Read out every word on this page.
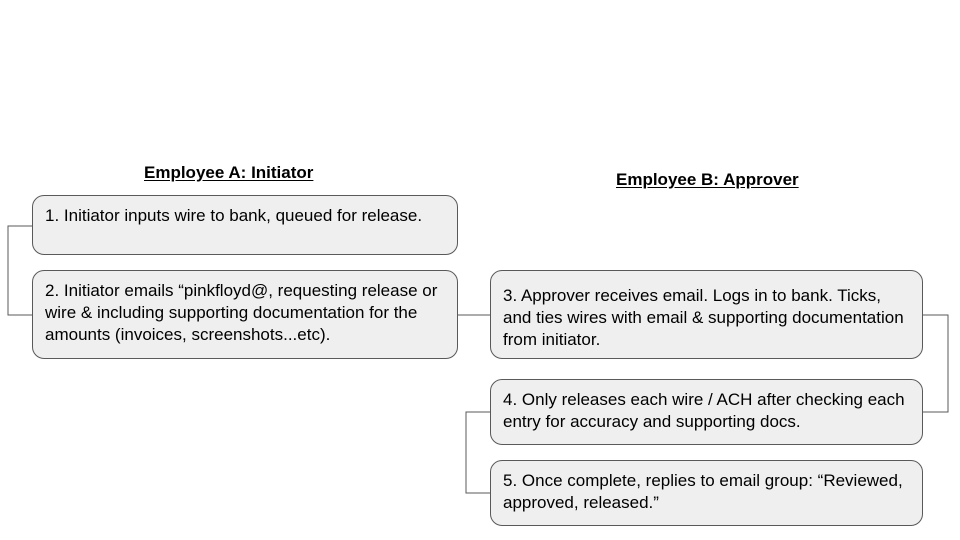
Employee A: Initiator	Employee B: Approver
1. Initiator inputs wire to bank, queued for release.
2. Initiator emails “pinkfloyd@, requesting release or wire & including supporting documentation for the amounts (invoices, screenshots...etc).
3. Approver receives email. Logs in to bank. Ticks, and ties wires with email & supporting documentation from initiator.
4. Only releases each wire / ACH after checking each entry for accuracy and supporting docs.
5. Once complete, replies to email group: “Reviewed, approved, released.”
